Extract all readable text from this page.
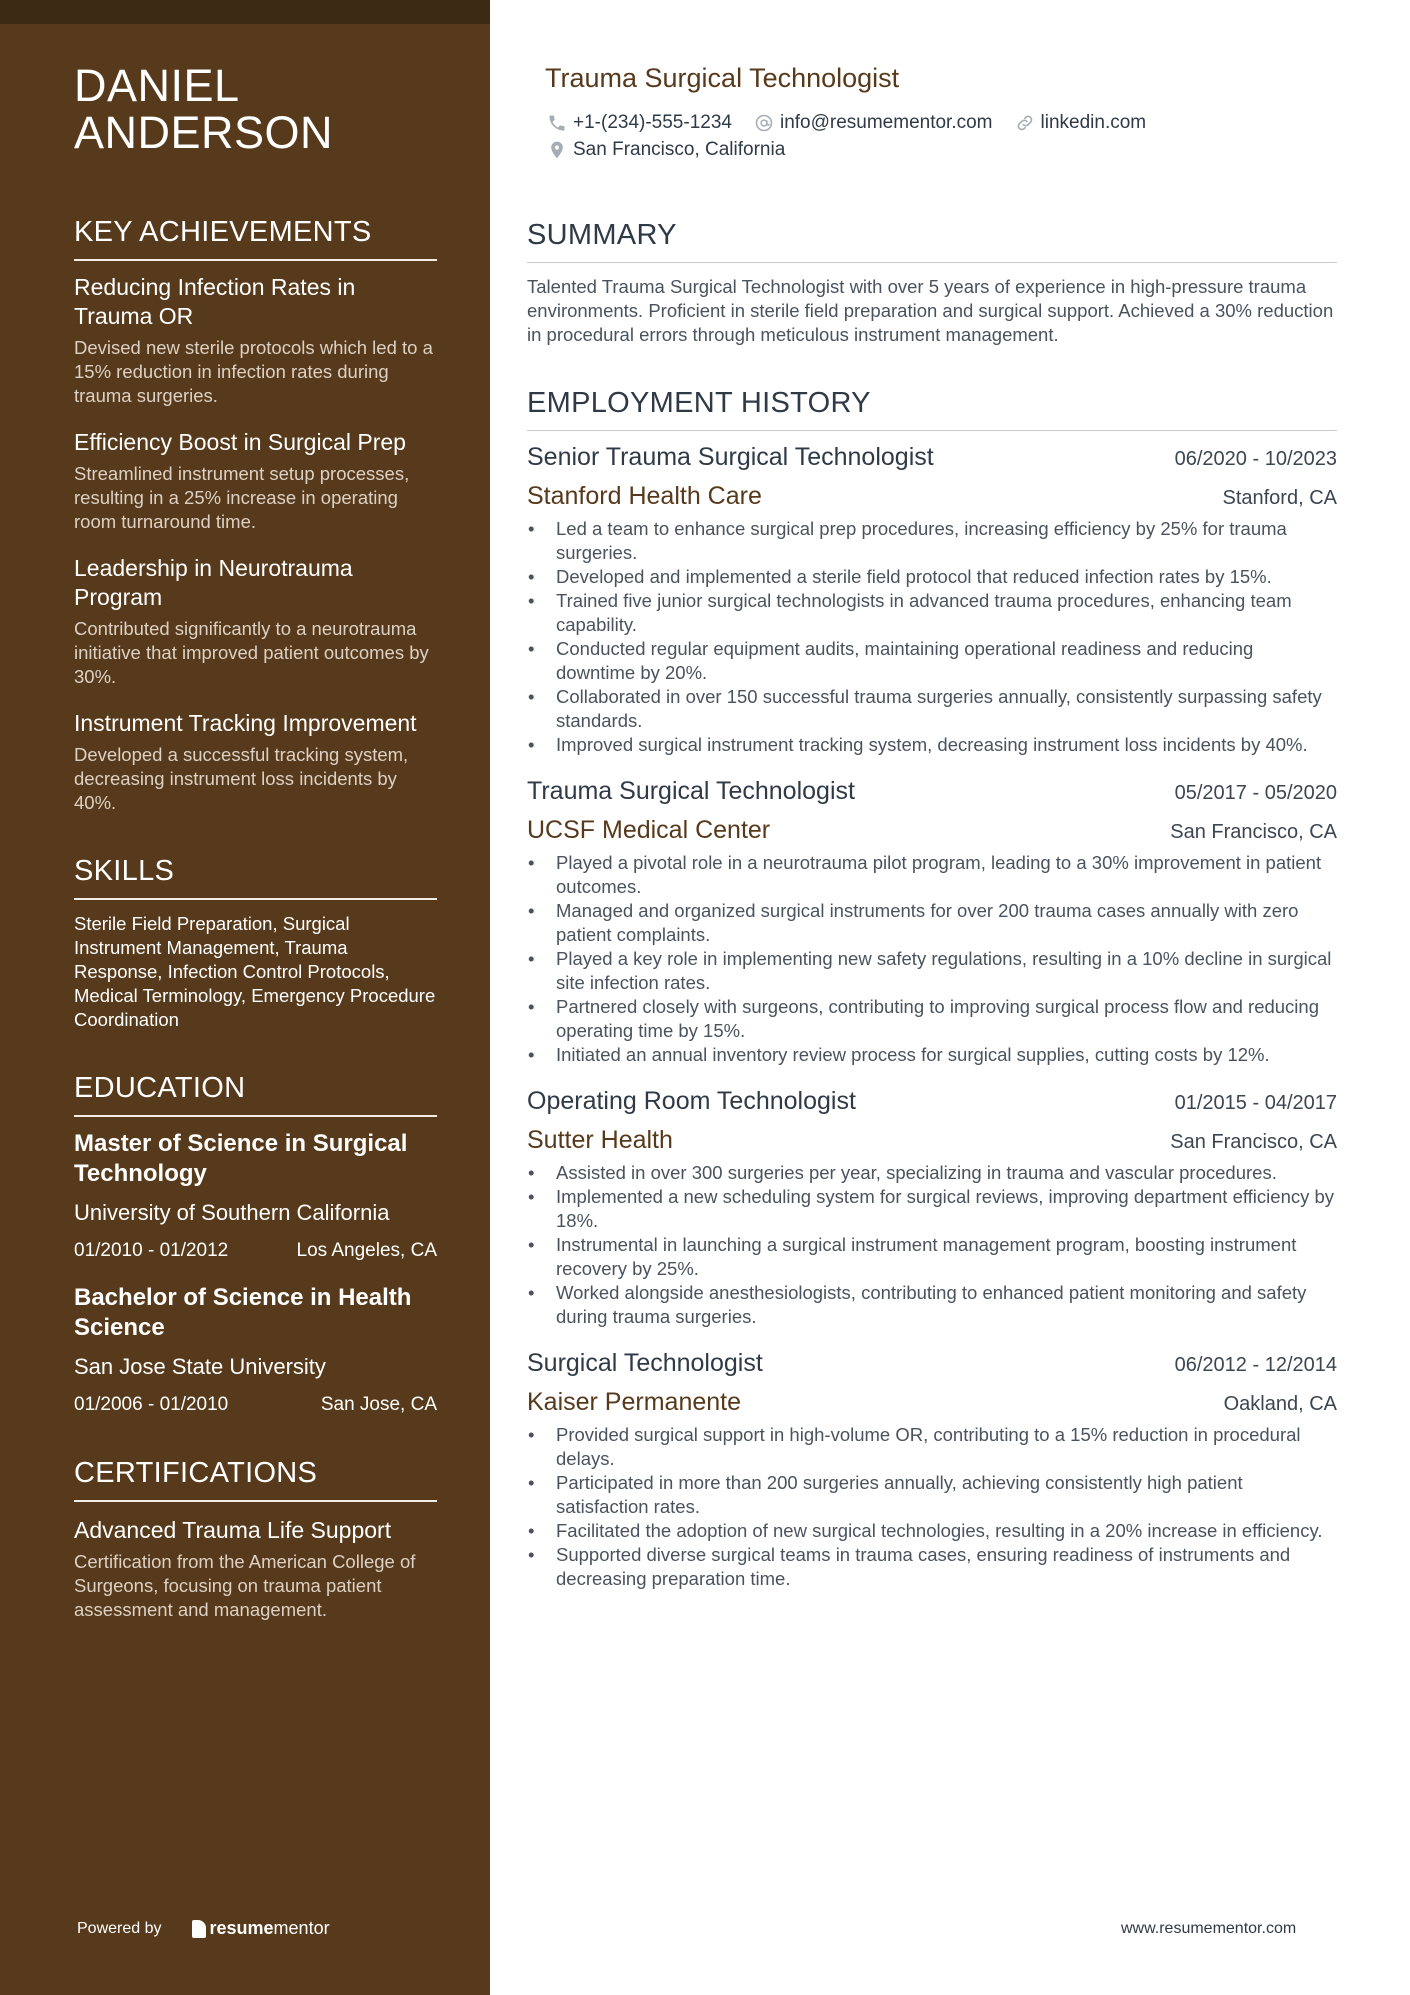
DANIEL
ANDERSON
KEY ACHIEVEMENTS
Reducing Infection Rates in Trauma OR
Devised new sterile protocols which led to a 15% reduction in infection rates during trauma surgeries.
Efficiency Boost in Surgical Prep
Streamlined instrument setup processes, resulting in a 25% increase in operating room turnaround time.
Leadership in Neurotrauma Program
Contributed significantly to a neurotrauma initiative that improved patient outcomes by 30%.
Instrument Tracking Improvement
Developed a successful tracking system, decreasing instrument loss incidents by 40%.
SKILLS
Sterile Field Preparation, Surgical Instrument Management, Trauma Response, Infection Control Protocols, Medical Terminology, Emergency Procedure Coordination
EDUCATION
Master of Science in Surgical Technology
University of Southern California
01/2010 - 01/2012	Los Angeles, CA
Bachelor of Science in Health Science
San Jose State University
01/2006 - 01/2010	San Jose, CA
CERTIFICATIONS
Advanced Trauma Life Support
Certification from the American College of Surgeons, focusing on trauma patient assessment and management.
Powered by	resume mentor
Trauma Surgical Technologist
+1-(234)-555-1234	info@resumementor.com	linkedin.com
San Francisco, California
SUMMARY
Talented Trauma Surgical Technologist with over 5 years of experience in high-pressure trauma environments. Proficient in sterile field preparation and surgical support. Achieved a 30% reduction in procedural errors through meticulous instrument management.
EMPLOYMENT HISTORY
Senior Trauma Surgical Technologist	06/2020 - 10/2023
Stanford Health Care	Stanford, CA
• Led a team to enhance surgical prep procedures, increasing efficiency by 25% for trauma surgeries.
• Developed and implemented a sterile field protocol that reduced infection rates by 15%.
• Trained five junior surgical technologists in advanced trauma procedures, enhancing team capability.
• Conducted regular equipment audits, maintaining operational readiness and reducing downtime by 20%.
• Collaborated in over 150 successful trauma surgeries annually, consistently surpassing safety standards.
• Improved surgical instrument tracking system, decreasing instrument loss incidents by 40%.
Trauma Surgical Technologist	05/2017 - 05/2020
UCSF Medical Center	San Francisco, CA
• Played a pivotal role in a neurotrauma pilot program, leading to a 30% improvement in patient outcomes.
• Managed and organized surgical instruments for over 200 trauma cases annually with zero patient complaints.
• Played a key role in implementing new safety regulations, resulting in a 10% decline in surgical site infection rates.
• Partnered closely with surgeons, contributing to improving surgical process flow and reducing operating time by 15%.
• Initiated an annual inventory review process for surgical supplies, cutting costs by 12%.
Operating Room Technologist	01/2015 - 04/2017
Sutter Health	San Francisco, CA
• Assisted in over 300 surgeries per year, specializing in trauma and vascular procedures.
• Implemented a new scheduling system for surgical reviews, improving department efficiency by 18%.
• Instrumental in launching a surgical instrument management program, boosting instrument recovery by 25%.
• Worked alongside anesthesiologists, contributing to enhanced patient monitoring and safety during trauma surgeries.
Surgical Technologist	06/2012 - 12/2014
Kaiser Permanente	Oakland, CA
• Provided surgical support in high-volume OR, contributing to a 15% reduction in procedural delays.
• Participated in more than 200 surgeries annually, achieving consistently high patient satisfaction rates.
• Facilitated the adoption of new surgical technologies, resulting in a 20% increase in efficiency.
• Supported diverse surgical teams in trauma cases, ensuring readiness of instruments and decreasing preparation time.
www.resumementor.com
